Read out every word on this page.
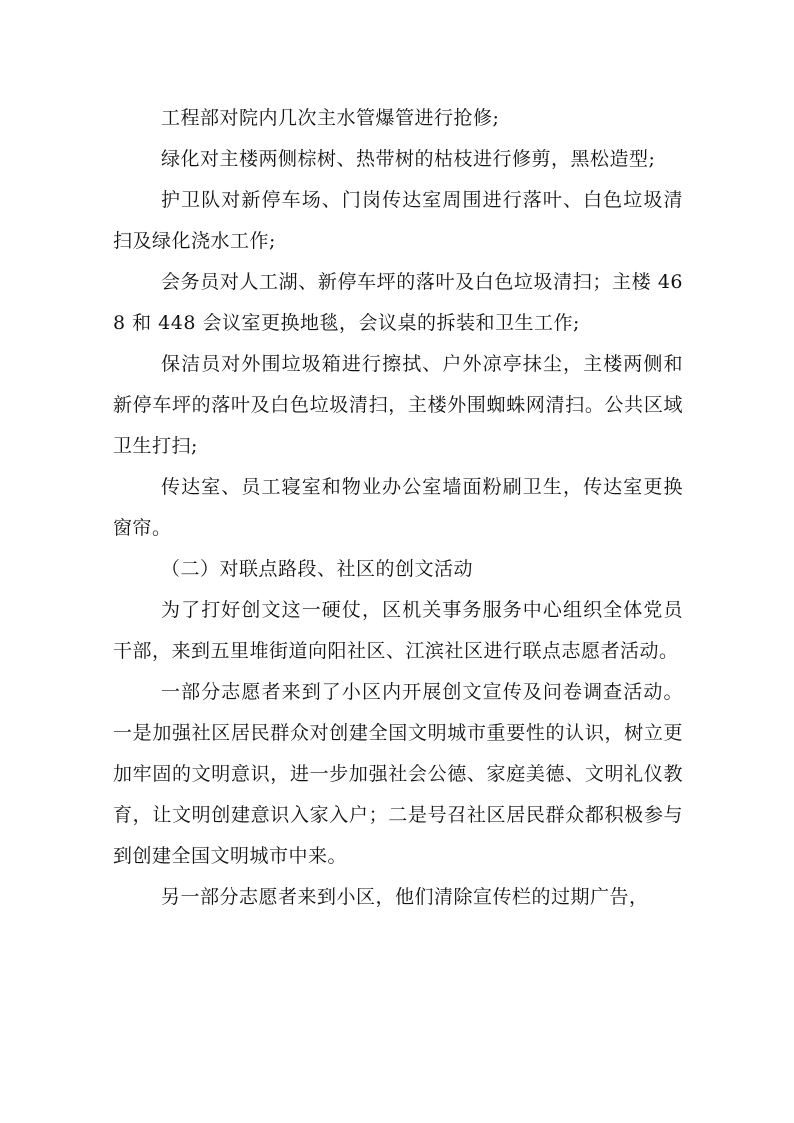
工程部对院内几次主水管爆管进行抢修;

绿化对主楼两侧棕树、热带树的枯枝进行修剪，黑松造型;

护卫队对新停车场、门岗传达室周围进行落叶、白色垃圾清扫及绿化浇水工作;

会务员对人工湖、新停车坪的落叶及白色垃圾清扫；主楼 468 和 448 会议室更换地毯，会议桌的拆装和卫生工作;

保洁员对外围垃圾箱进行擦拭、户外凉亭抹尘，主楼两侧和新停车坪的落叶及白色垃圾清扫，主楼外围蜘蛛网清扫。公共区域卫生打扫;

传达室、员工寝室和物业办公室墙面粉刷卫生，传达室更换窗帘。

（二）对联点路段、社区的创文活动

为了打好创文这一硬仗，区机关事务服务中心组织全体党员干部，来到五里堆街道向阳社区、江滨社区进行联点志愿者活动。

一部分志愿者来到了小区内开展创文宣传及问卷调查活动。一是加强社区居民群众对创建全国文明城市重要性的认识，树立更加牢固的文明意识，进一步加强社会公德、家庭美德、文明礼仪教育，让文明创建意识入家入户；二是号召社区居民群众都积极参与到创建全国文明城市中来。

另一部分志愿者来到小区，他们清除宣传栏的过期广告，
